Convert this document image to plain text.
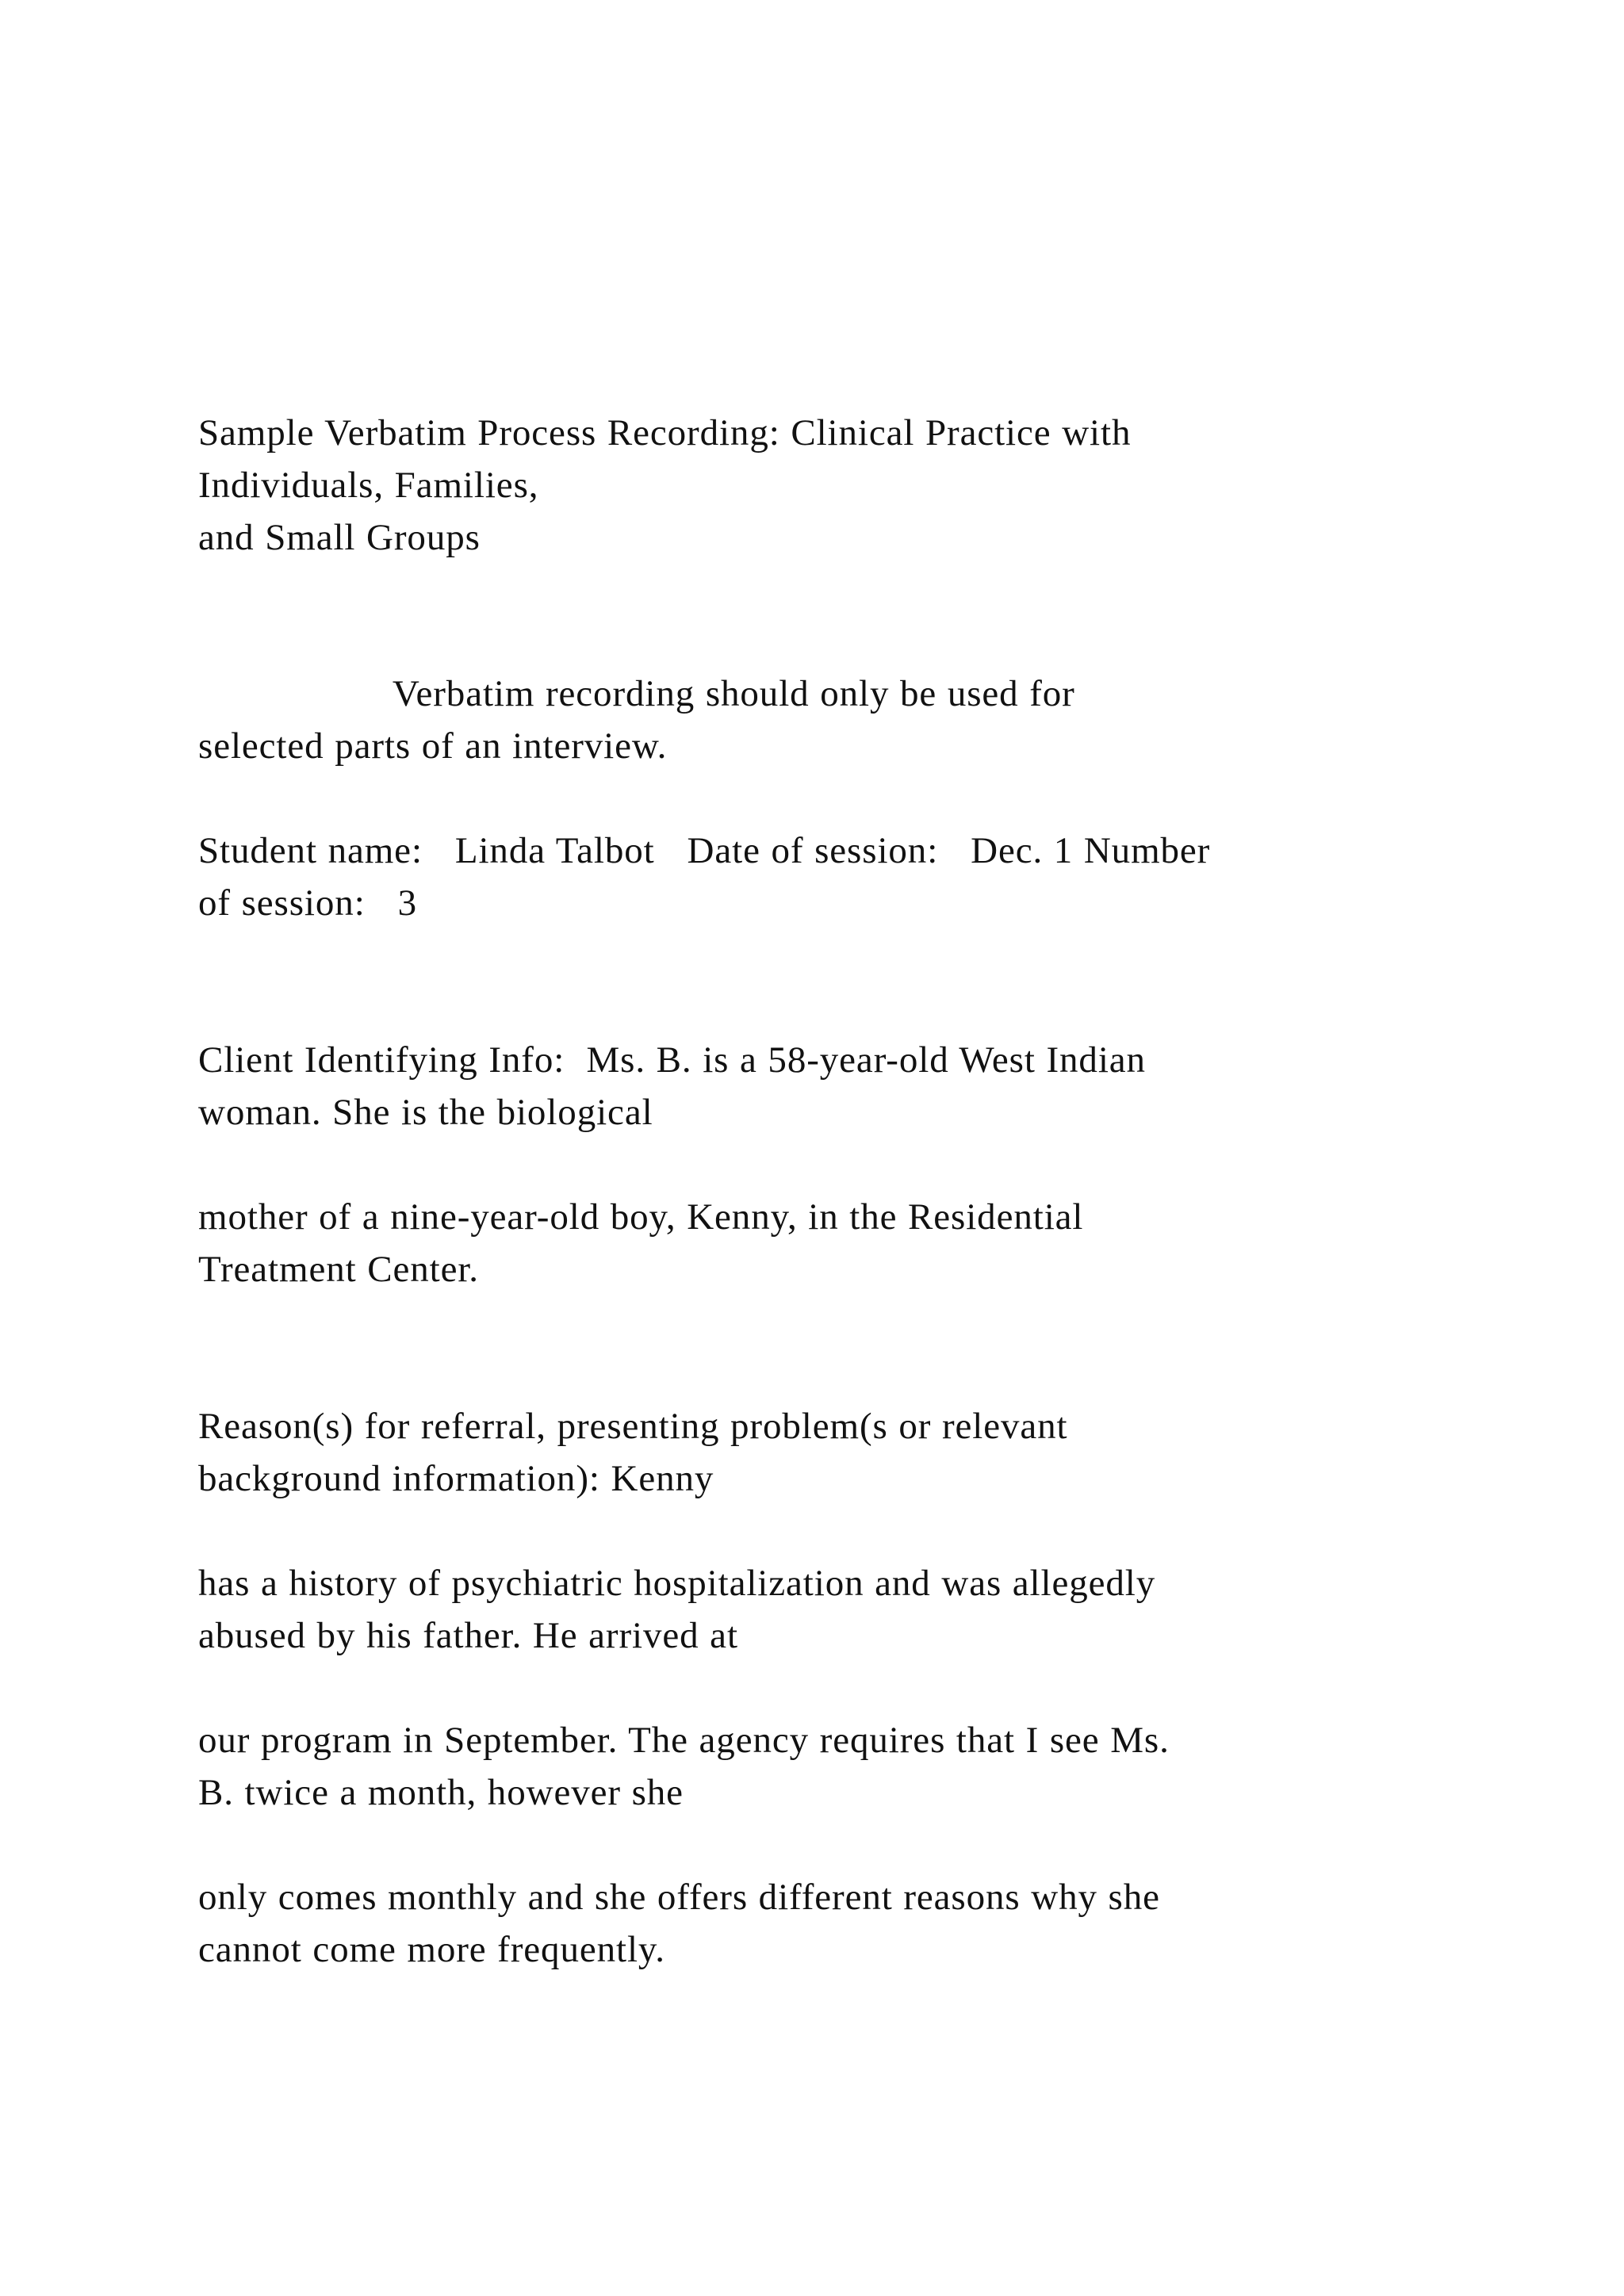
Sample Verbatim Process Recording: Clinical Practice with
Individuals, Families,
and Small Groups
Verbatim recording should only be used for
selected parts of an interview.
Student name:   Linda Talbot   Date of session:   Dec. 1 Number
of session:   3
Client Identifying Info:  Ms. B. is a 58-year-old West Indian
woman. She is the biological
mother of a nine-year-old boy, Kenny, in the Residential
Treatment Center.
Reason(s) for referral, presenting problem(s or relevant
background information): Kenny
has a history of psychiatric hospitalization and was allegedly
abused by his father. He arrived at
our program in September. The agency requires that I see Ms.
B. twice a month, however she
only comes monthly and she offers different reasons why she
cannot come more frequently.
